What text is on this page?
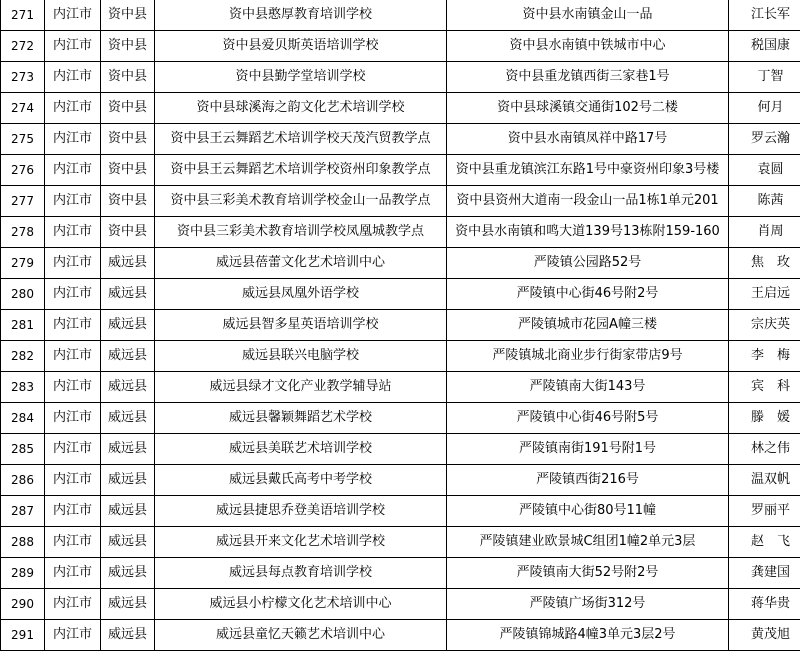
271	内江市	资中县	资中县憨厚教育培训学校	资中县水南镇金山一品	江长军
272	内江市	资中县	资中县爱贝斯英语培训学校	资中县水南镇中铁城市中心	税国康
273	内江市	资中县	资中县勤学堂培训学校	资中县重龙镇西街三家巷1号	丁智
274	内江市	资中县	资中县球溪海之韵文化艺术培训学校	资中县球溪镇交通街102号二楼	何月
275	内江市	资中县	资中县王云舞蹈艺术培训学校天茂汽贸教学点	资中县水南镇凤祥中路17号	罗云瀚
276	内江市	资中县	资中县王云舞蹈艺术培训学校资州印象教学点	资中县重龙镇滨江东路1号中豪资州印象3号楼	袁圆
277	内江市	资中县	资中县三彩美术教育培训学校金山一品教学点	资中县资州大道南一段金山一品1栋1单元201	陈茜
278	内江市	资中县	资中县三彩美术教育培训学校凤凰城教学点	资中县水南镇和鸣大道139号13栋附159-160	肖周
279	内江市	威远县	威远县蓓蕾文化艺术培训中心	严陵镇公园路52号	焦　玫
280	内江市	威远县	威远县凤凰外语学校	严陵镇中心街46号附2号	王启远
281	内江市	威远县	威远县智多星英语培训学校	严陵镇城市花园A幢三楼	宗庆英
282	内江市	威远县	威远县联兴电脑学校	严陵镇城北商业步行街家带店9号	李　梅
283	内江市	威远县	威远县绿才文化产业教学辅导站	严陵镇南大街143号	宾　科
284	内江市	威远县	威远县馨颖舞蹈艺术学校	严陵镇中心街46号附5号	滕　媛
285	内江市	威远县	威远县美联艺术培训学校	严陵镇南街191号附1号	林之伟
286	内江市	威远县	威远县戴氏高考中考学校	严陵镇西街216号	温双帆
287	内江市	威远县	威远县捷思乔登美语培训学校	严陵镇中心街80号11幢	罗丽平
288	内江市	威远县	威远县开来文化艺术培训学校	严陵镇建业欧景城C组团1幢2单元3层	赵　飞
289	内江市	威远县	威远县每点教育培训学校	严陵镇南大街52号附2号	龚建国
290	内江市	威远县	威远县小柠檬文化艺术培训中心	严陵镇广场街312号	蒋华贵
291	内江市	威远县	威远县童忆天籁艺术培训中心	严陵镇锦城路4幢3单元3层2号	黄茂旭
